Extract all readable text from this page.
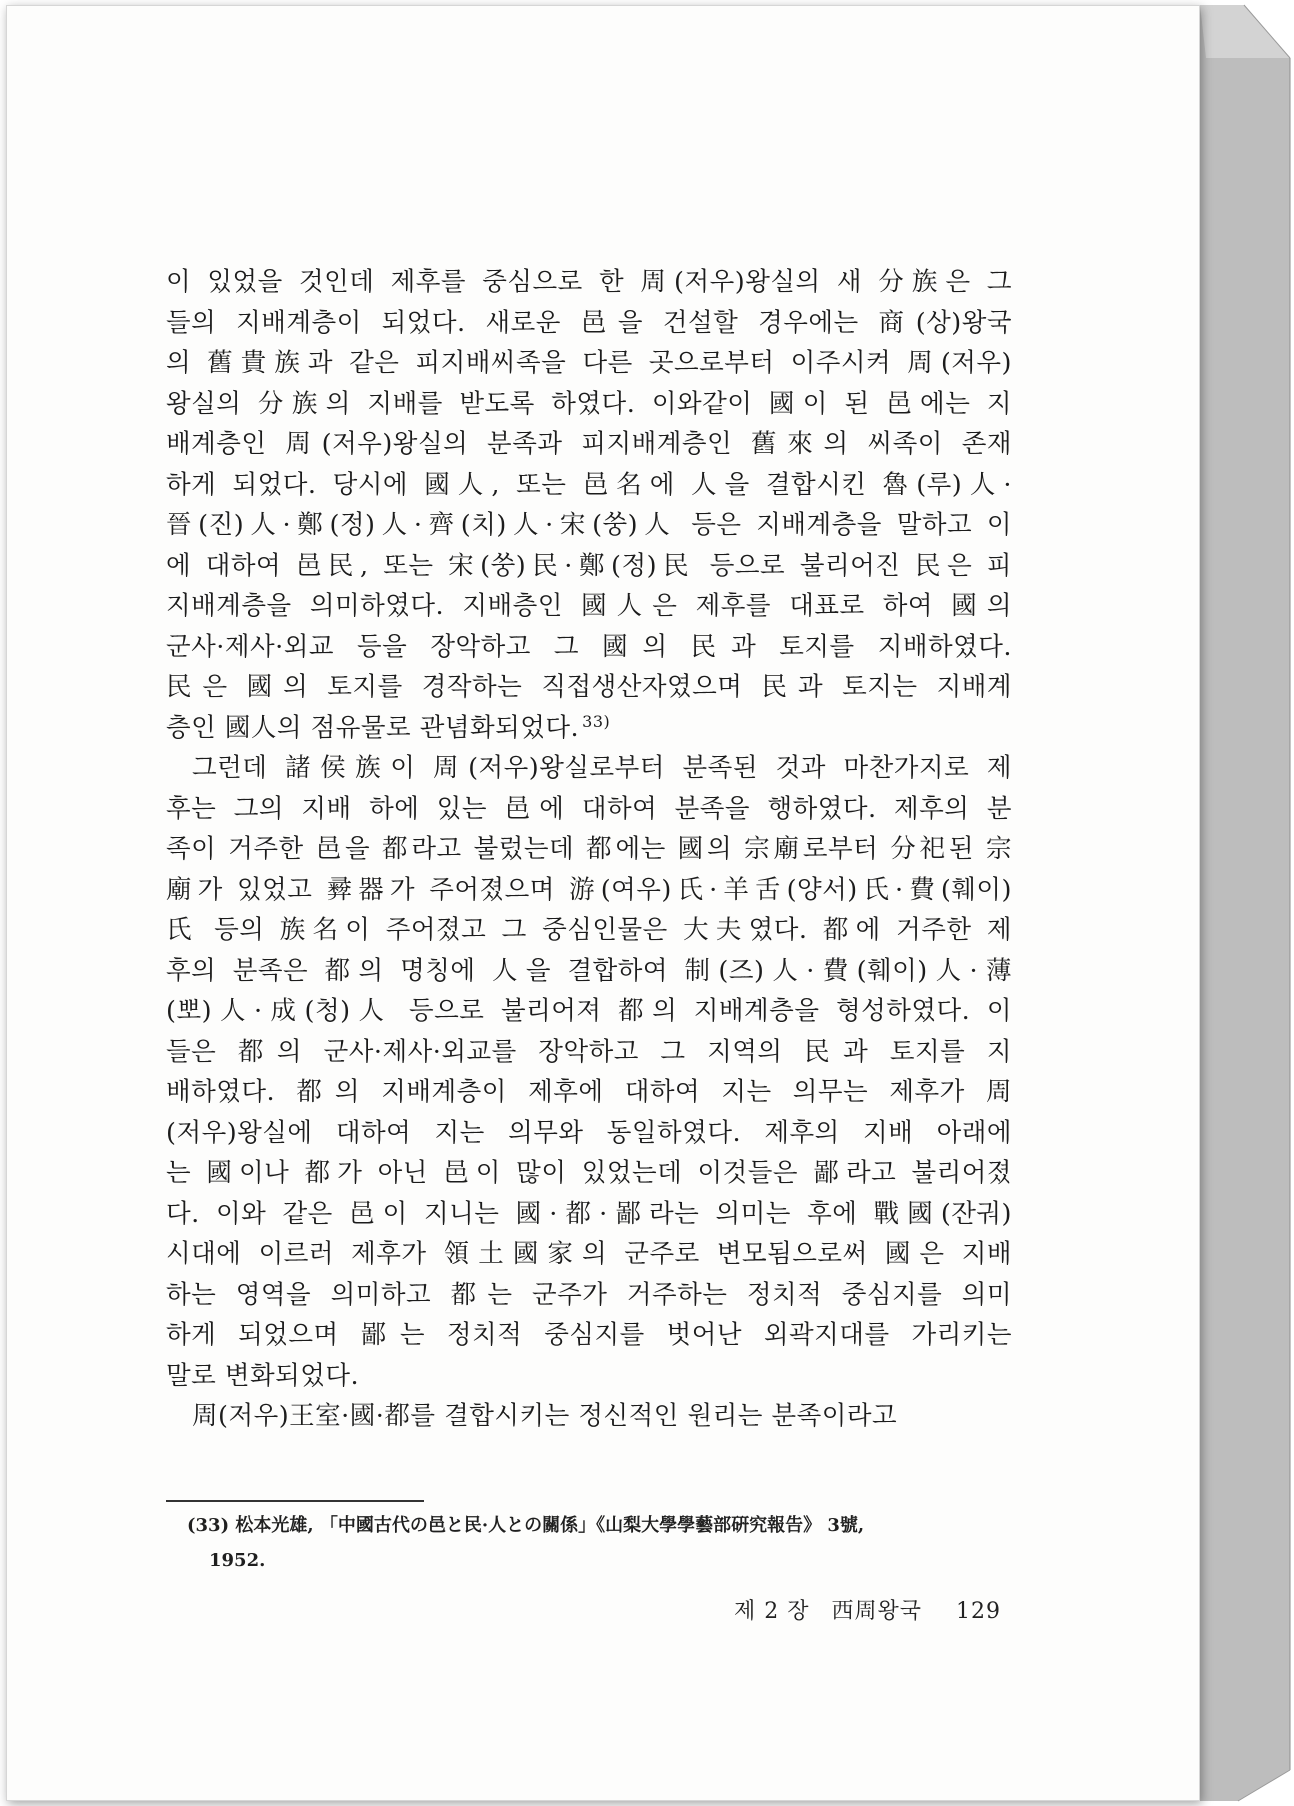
이 있었을 것인데 제후를 중심으로 한 周(저우)왕실의 새 分族은 그
들의 지배계층이 되었다. 새로운 邑을 건설할 경우에는 商(상)왕국
의 舊貴族과 같은 피지배씨족을 다른 곳으로부터 이주시켜 周(저우)
왕실의 分族의 지배를 받도록 하였다. 이와같이 國이 된 邑에는 지
배계층인 周(저우)왕실의 분족과 피지배계층인 舊來의 씨족이 존재
하게 되었다. 당시에 國人, 또는 邑名에 人을 결합시킨 魯(루)人·
晉(진)人·鄭(정)人·齊(치)人·宋(쑹)人 등은 지배계층을 말하고 이
에 대하여 邑民, 또는 宋(쑹)民·鄭(정)民 등으로 불리어진 民은 피
지배계층을 의미하였다. 지배층인 國人은 제후를 대표로 하여 國의
군사·제사·외교 등을 장악하고 그 國의 民과 토지를 지배하였다.
民은 國의 토지를 경작하는 직접생산자였으며 民과 토지는 지배계
층인 國人의 점유물로 관념화되었다. $^{33)}$

그런데 諸侯族이 周(저우)왕실로부터 분족된 것과 마찬가지로 제
후는 그의 지배 하에 있는 邑에 대하여 분족을 행하였다. 제후의 분
족이 거주한 邑을 都라고 불렀는데 都에는 國의 宗廟로부터 分祀된 宗
廟가 있었고 彛器가 주어졌으며 游(여우)氏·羊舌(양서)氏·費(훼이)
氏 등의 族名이 주어졌고 그 중심인물은 大夫였다. 都에 거주한 제
후의 분족은 都의 명칭에 人을 결합하여 制(즈)人·費(훼이)人·薄
(뽀)人·成(청)人 등으로 불리어져 都의 지배계층을 형성하였다. 이
들은 都의 군사·제사·외교를 장악하고 그 지역의 民과 토지를 지
배하였다. 都의 지배계층이 제후에 대하여 지는 의무는 제후가 周
(저우)왕실에 대하여 지는 의무와 동일하였다. 제후의 지배 아래에
는 國이나 都가 아닌 邑이 많이 있었는데 이것들은 鄙라고 불리어졌
다. 이와 같은 邑이 지니는 國·都·鄙라는 의미는 후에 戰國(잔궈)
시대에 이르러 제후가 領土國家의 군주로 변모됨으로써 國은 지배
하는 영역을 의미하고 都는 군주가 거주하는 정치적 중심지를 의미
하게 되었으며 鄙는 정치적 중심지를 벗어난 외곽지대를 가리키는
말로 변화되었다.

周(저우)王室·國·都를 결합시키는 정신적인 원리는 분족이라고

(33) 松本光雄, 「中國古代の邑と民·人との關係」《山梨大學學藝部硏究報告》 3號,
1952.
제 2 장 西周왕국 129
